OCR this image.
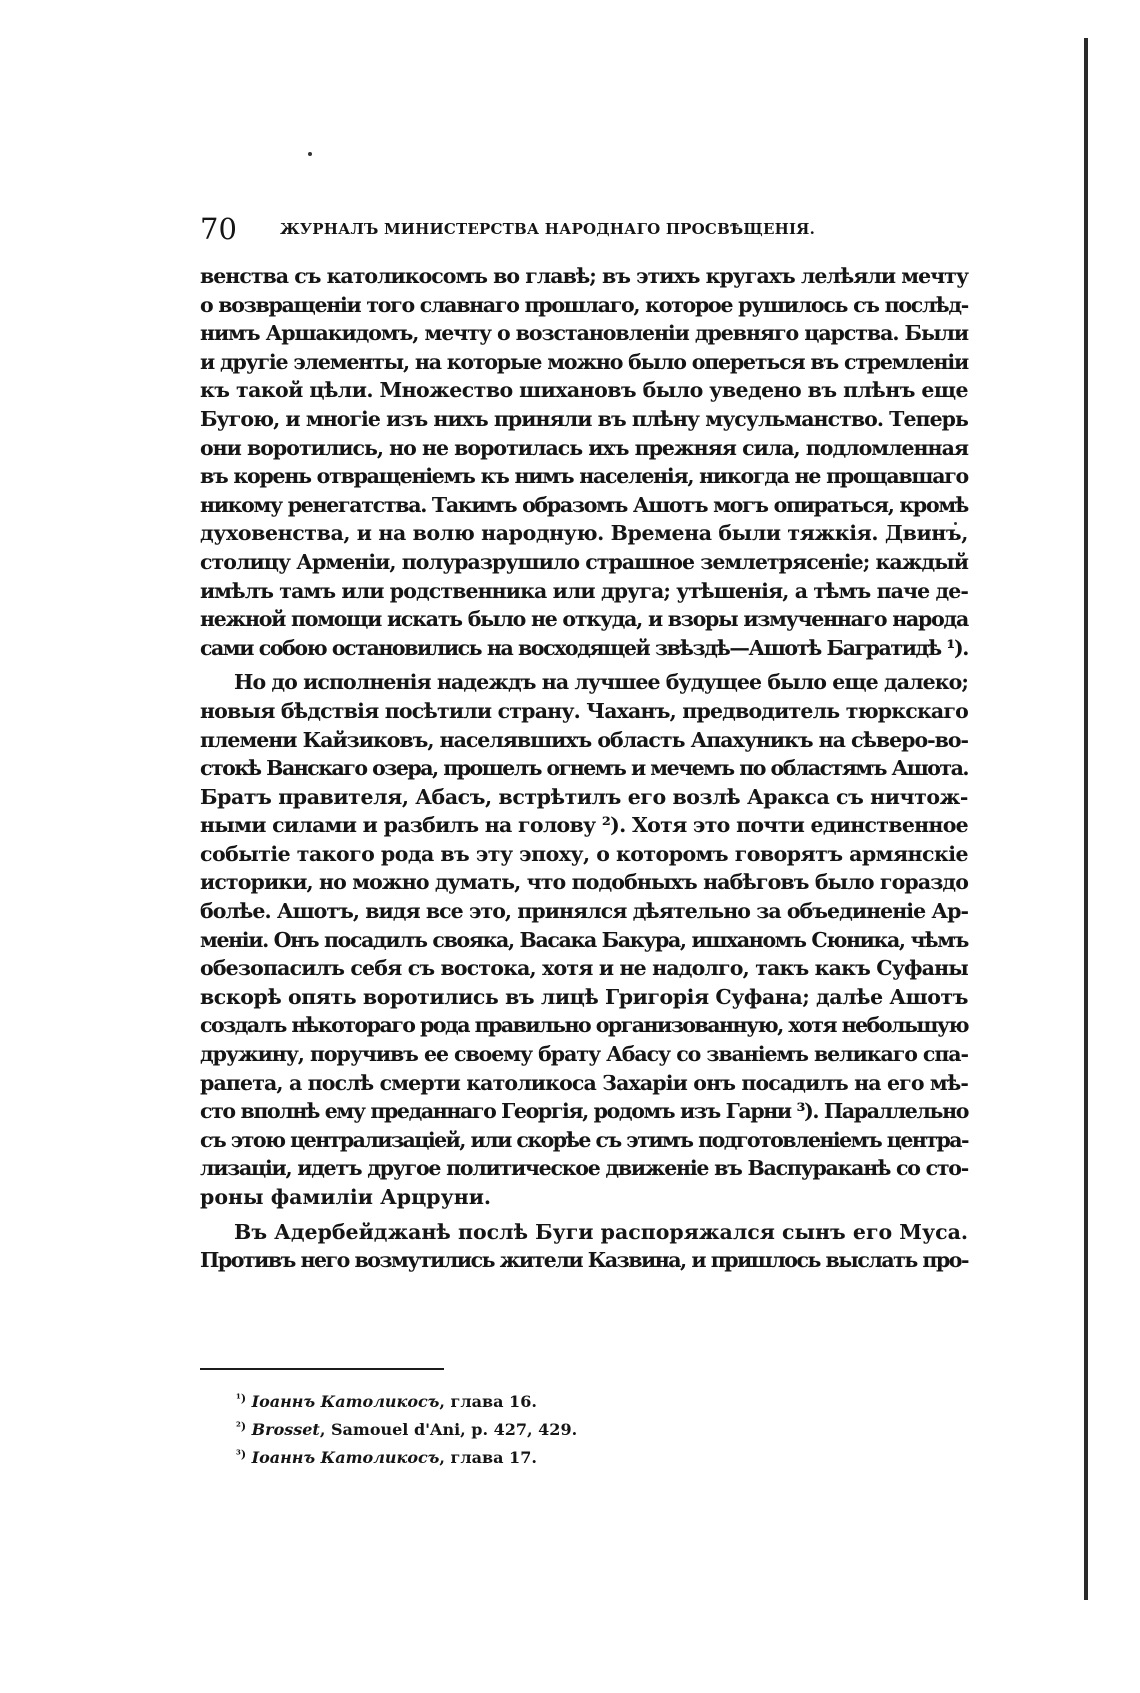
70	ЖУРНАЛЪ МИНИСТЕРСТВА НАРОДНАГО ПРОСВѢЩЕНІЯ.
венства съ католикосомъ во главѣ; въ этихъ кругахъ лелѣяли мечту
о возвращеніи того славнаго прошлаго, которое рушилось съ послѣд-
нимъ Аршакидомъ, мечту о возстановленіи древняго царства. Были
и другіе элементы, на которые можно было опереться въ стремленіи
къ такой цѣли. Множество шихановъ было уведено въ плѣнъ еще
Бугою, и многіе изъ нихъ приняли въ плѣну мусульманство. Теперь
они воротились, но не воротилась ихъ прежняя сила, подломленная
въ корень отвращеніемъ къ нимъ населенія, никогда не прощавшаго
никому ренегатства. Такимъ образомъ Ашотъ могъ опираться, кромѣ
духовенства, и на волю народную. Времена были тяжкія. Двинъ,
столицу Арменіи, полуразрушило страшное землетрясеніе; каждый
имѣлъ тамъ или родственника или друга; утѣшенія, а тѣмъ паче де-
нежной помощи искать было не откуда, и взоры измученнаго народа
сами собою остановились на восходящей звѣздѣ—Ашотѣ Багратидѣ ¹).
Но до исполненія надеждъ на лучшее будущее было еще далеко;
новыя бѣдствія посѣтили страну. Чаханъ, предводитель тюркскаго
племени Кайзиковъ, населявшихъ область Апахуникъ на сѣверо-во-
стокѣ Ванскаго озера, прошелъ огнемъ и мечемъ по областямъ Ашота.
Братъ правителя, Абасъ, встрѣтилъ его возлѣ Аракса съ ничтож-
ными силами и разбилъ на голову ²). Хотя это почти единственное
событіе такого рода въ эту эпоху, о которомъ говорятъ армянскіе
историки, но можно думать, что подобныхъ набѣговъ было гораздо
болѣе. Ашотъ, видя все это, принялся дѣятельно за объединеніе Ар-
меніи. Онъ посадилъ свояка, Васака Бакура, ишханомъ Сюника, чѣмъ
обезопасилъ себя съ востока, хотя и не надолго, такъ какъ Суфаны
вскорѣ опять воротились въ лицѣ Григорія Суфана; далѣе Ашотъ
создалъ нѣкотораго рода правильно организованную, хотя небольшую
дружину, поручивъ ее своему брату Абасу со званіемъ великаго спа-
рапета, а послѣ смерти католикоса Захаріи онъ посадилъ на его мѣ-
сто вполнѣ ему преданнаго Георгія, родомъ изъ Гарни ³). Параллельно
съ этою централизаціей, или скорѣе съ этимъ подготовленіемъ центра-
лизаціи, идетъ другое политическое движеніе въ Васпураканѣ со сто-
роны фамиліи Арцруни.
Въ Адербейджанѣ послѣ Буги распоряжался сынъ его Муса.
Противъ него возмутились жители Казвина, и пришлось выслать про-
$^{^1)}$ Іоаннъ Католикосъ, глава 16.
$^{^2)}$ Brosset, Samouel d'Ani, p. 427, 429.
$^{^3)}$ Іоаннъ Католикосъ, глава 17.
